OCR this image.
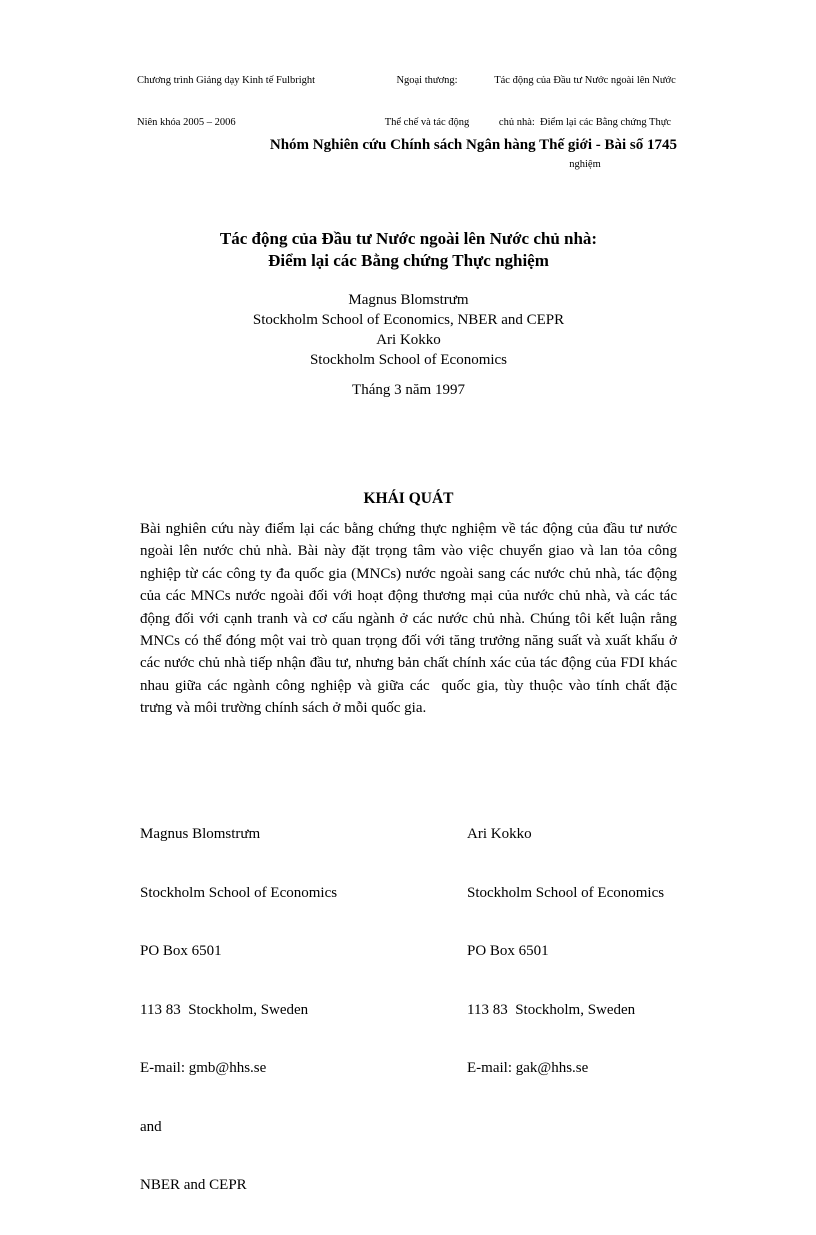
Chương trình Giảng dạy Kinh tế Fulbright

Niên khóa 2005 – 2006

Ngoại thương:

Thể chế và tác động

Tác động của Đầu tư Nước ngoài lên Nước

chủ nhà:  Điểm lại các Bằng chứng Thực

nghiệm

Nhóm Nghiên cứu Chính sách Ngân hàng Thế giới - Bài số 1745
Tác động của Đầu tư Nước ngoài lên Nước chủ nhà:
Điểm lại các Bằng chứng Thực nghiệm
Magnus Blomstrưm
Stockholm School of Economics, NBER and CEPR
Ari Kokko
Stockholm School of Economics
Tháng 3 năm 1997
KHÁI QUÁT
Bài nghiên cứu này điểm lại các bằng chứng thực nghiệm về tác động của đầu tư nước ngoài lên nước chủ nhà. Bài này đặt trọng tâm vào việc chuyển giao và lan tỏa công nghiệp từ các công ty đa quốc gia (MNCs) nước ngoài sang các nước chủ nhà, tác động của các MNCs nước ngoài đối với hoạt động thương mại của nước chủ nhà, và các tác động đối với cạnh tranh và cơ cấu ngành ở các nước chủ nhà. Chúng tôi kết luận rằng MNCs có thể đóng một vai trò quan trọng đối với tăng trưởng năng suất và xuất khẩu ở các nước chủ nhà tiếp nhận đầu tư, nhưng bản chất chính xác của tác động của FDI khác nhau giữa các ngành công nghiệp và giữa các  quốc gia, tùy thuộc vào tính chất đặc trưng và môi trường chính sách ở mỗi quốc gia.

Magnus Blomstrưm

Stockholm School of Economics

PO Box 6501

113 83  Stockholm, Sweden

E-mail: gmb@hhs.se

and

NBER and CEPR

Ari Kokko

Stockholm School of Economics

PO Box 6501

113 83  Stockholm, Sweden

E-mail: gak@hhs.se
